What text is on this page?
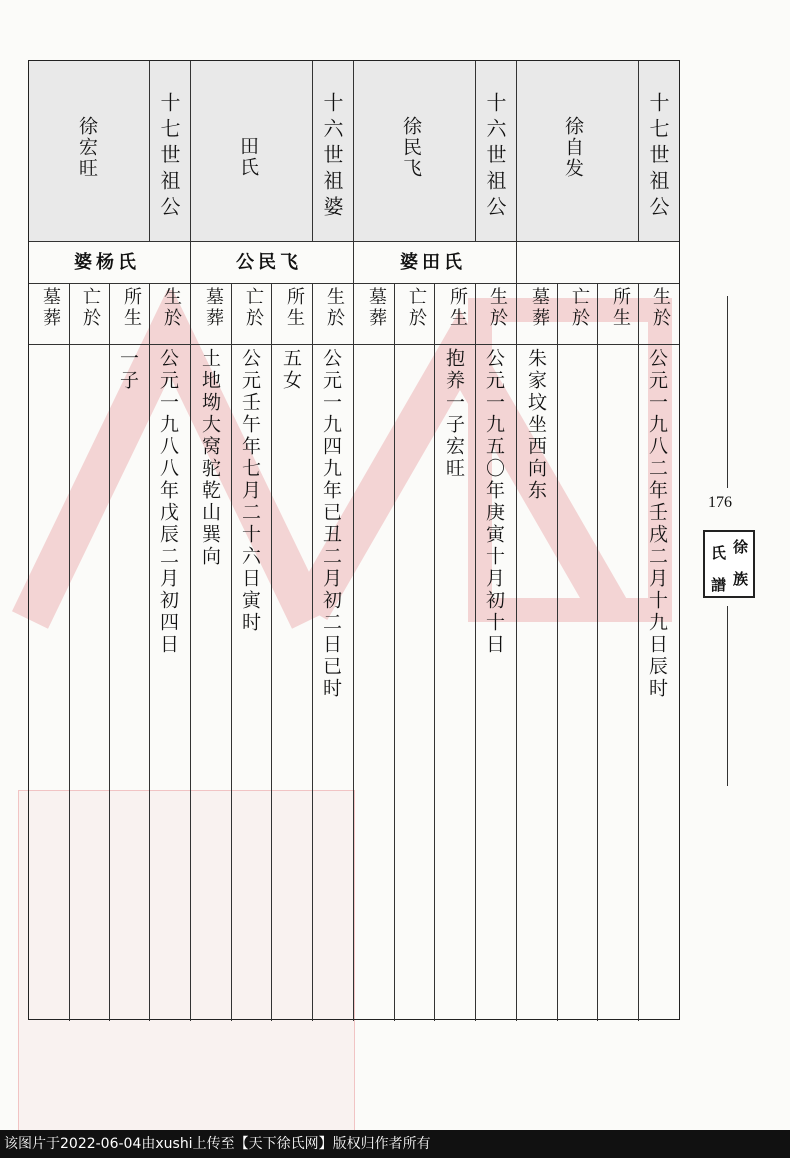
十七世祖公
徐自发
生於
所生
亡於
墓葬
公元一九八二年壬戌二月十九日辰时
朱家坟坐西向东
十六世祖公
徐民飞
婆田氏
生於
所生
亡於
墓葬
公元一九五〇年庚寅十月初十日
抱养一子宏旺
十六世祖婆
田氏
公民飞
生於
所生
亡於
墓葬
公元一九四九年已丑二月初二日已时
五女
公元壬午年七月二十六日寅时
土地坳大窝驼乾山巽向
十七世祖公
徐宏旺
婆杨氏
生於
所生
亡於
墓葬
公元一九八八年戊辰二月初四日
一子
176
徐
氏
族
譜
该图片于2022-06-04由xushi上传至【天下徐氏网】版权归作者所有
